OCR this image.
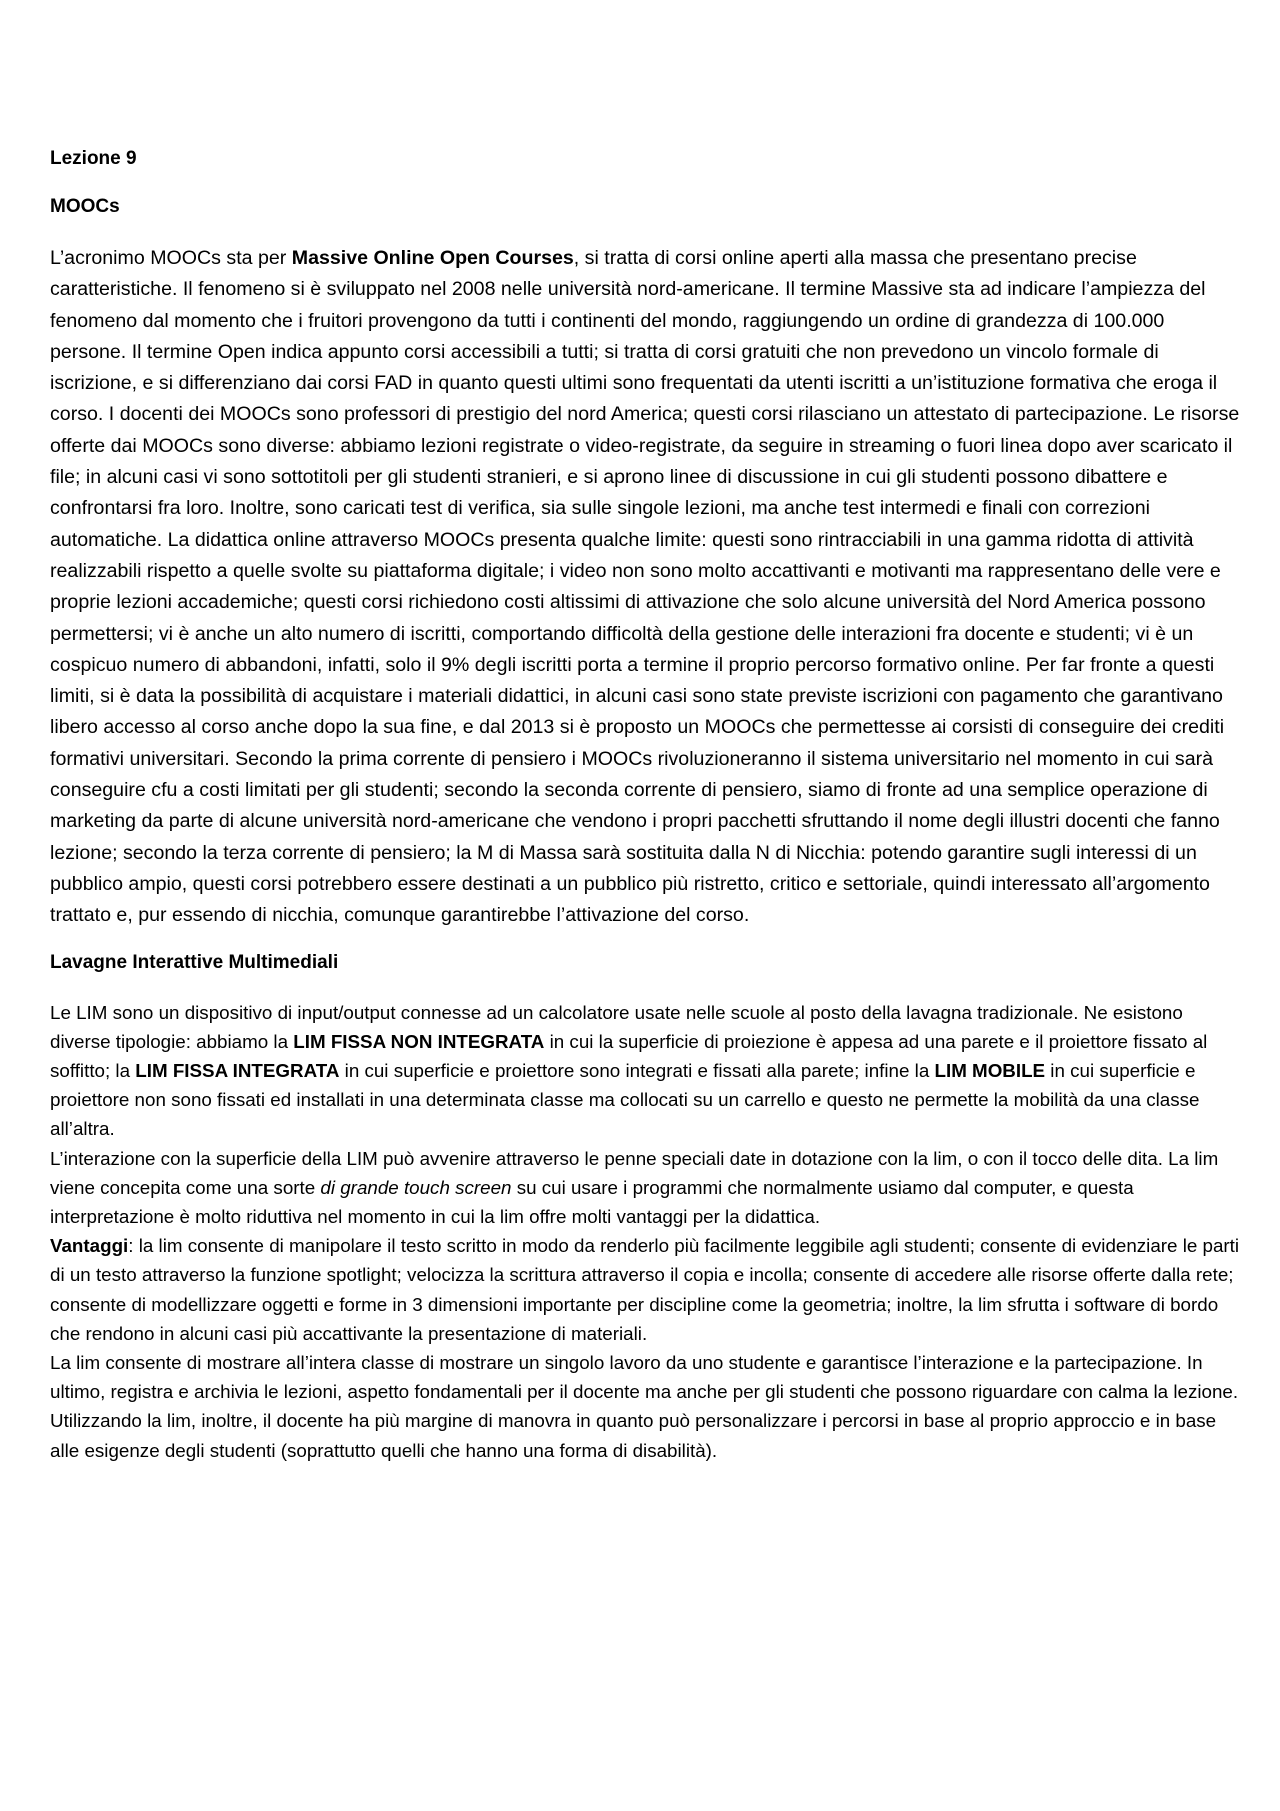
Lezione 9

MOOCs

L’acronimo MOOCs sta per Massive Online Open Courses, si tratta di corsi online aperti alla massa che presentano precise caratteristiche. Il fenomeno si è sviluppato nel 2008 nelle università nord-americane. Il termine Massive sta ad indicare l’ampiezza del fenomeno dal momento che i fruitori provengono da tutti i continenti del mondo, raggiungendo un ordine di grandezza di 100.000 persone. Il termine Open indica appunto corsi accessibili a tutti; si tratta di corsi gratuiti che non prevedono un vincolo formale di iscrizione, e si differenziano dai corsi FAD in quanto questi ultimi sono frequentati da utenti iscritti a un’istituzione formativa che eroga il corso. I docenti dei MOOCs sono professori di prestigio del nord America; questi corsi rilasciano un attestato di partecipazione. Le risorse offerte dai MOOCs sono diverse: abbiamo lezioni registrate o video-registrate, da seguire in streaming o fuori linea dopo aver scaricato il file; in alcuni casi vi sono sottotitoli per gli studenti stranieri, e si aprono linee di discussione in cui gli studenti possono dibattere e confrontarsi fra loro. Inoltre, sono caricati test di verifica, sia sulle singole lezioni, ma anche test intermedi e finali con correzioni automatiche. La didattica online attraverso MOOCs presenta qualche limite: questi sono rintracciabili in una gamma ridotta di attività realizzabili rispetto a quelle svolte su piattaforma digitale; i video non sono molto accattivanti e motivanti ma rappresentano delle vere e proprie lezioni accademiche; questi corsi richiedono costi altissimi di attivazione che solo alcune università del Nord America possono permettersi; vi è anche un alto numero di iscritti, comportando difficoltà della gestione delle interazioni fra docente e studenti; vi è un cospicuo numero di abbandoni, infatti, solo il 9% degli iscritti porta a termine il proprio percorso formativo online. Per far fronte a questi limiti, si è data la possibilità di acquistare i materiali didattici, in alcuni casi sono state previste iscrizioni con pagamento che garantivano libero accesso al corso anche dopo la sua fine, e dal 2013 si è proposto un MOOCs che permettesse ai corsisti di conseguire dei crediti formativi universitari. Secondo la prima corrente di pensiero i MOOCs rivoluzioneranno il sistema universitario nel momento in cui sarà conseguire cfu a costi limitati per gli studenti; secondo la seconda corrente di pensiero, siamo di fronte ad una semplice operazione di marketing da parte di alcune università nord-americane che vendono i propri pacchetti sfruttando il nome degli illustri docenti che fanno lezione; secondo la terza corrente di pensiero; la M di Massa sarà sostituita dalla N di Nicchia: potendo garantire sugli interessi di un pubblico ampio, questi corsi potrebbero essere destinati a un pubblico più ristretto, critico e settoriale, quindi interessato all’argomento trattato e, pur essendo di nicchia, comunque garantirebbe l’attivazione del corso.

Lavagne Interattive Multimediali

Le LIM sono un dispositivo di input/output connesse ad un calcolatore usate nelle scuole al posto della lavagna tradizionale. Ne esistono diverse tipologie: abbiamo la LIM FISSA NON INTEGRATA in cui la superficie di proiezione è appesa ad una parete e il proiettore fissato al soffitto; la LIM FISSA INTEGRATA in cui superficie e proiettore sono integrati e fissati alla parete; infine la LIM MOBILE in cui superficie e proiettore non sono fissati ed installati in una determinata classe ma collocati su un carrello e questo ne permette la mobilità da una classe all’altra.

L’interazione con la superficie della LIM può avvenire attraverso le penne speciali date in dotazione con la lim, o con il tocco delle dita. La lim viene concepita come una sorte di grande touch screen su cui usare i programmi che normalmente usiamo dal computer, e questa interpretazione è molto riduttiva nel momento in cui la lim offre molti vantaggi per la didattica.

Vantaggi: la lim consente di manipolare il testo scritto in modo da renderlo più facilmente leggibile agli studenti; consente di evidenziare le parti di un testo attraverso la funzione spotlight; velocizza la scrittura attraverso il copia e incolla; consente di accedere alle risorse offerte dalla rete; consente di modellizzare oggetti e forme in 3 dimensioni importante per discipline come la geometria; inoltre, la lim sfrutta i software di bordo che rendono in alcuni casi più accattivante la presentazione di materiali.

La lim consente di mostrare all’intera classe di mostrare un singolo lavoro da uno studente e garantisce l’interazione e la partecipazione. In ultimo, registra e archivia le lezioni, aspetto fondamentali per il docente ma anche per gli studenti che possono riguardare con calma la lezione.

Utilizzando la lim, inoltre, il docente ha più margine di manovra in quanto può personalizzare i percorsi in base al proprio approccio e in base alle esigenze degli studenti (soprattutto quelli che hanno una forma di disabilità).
